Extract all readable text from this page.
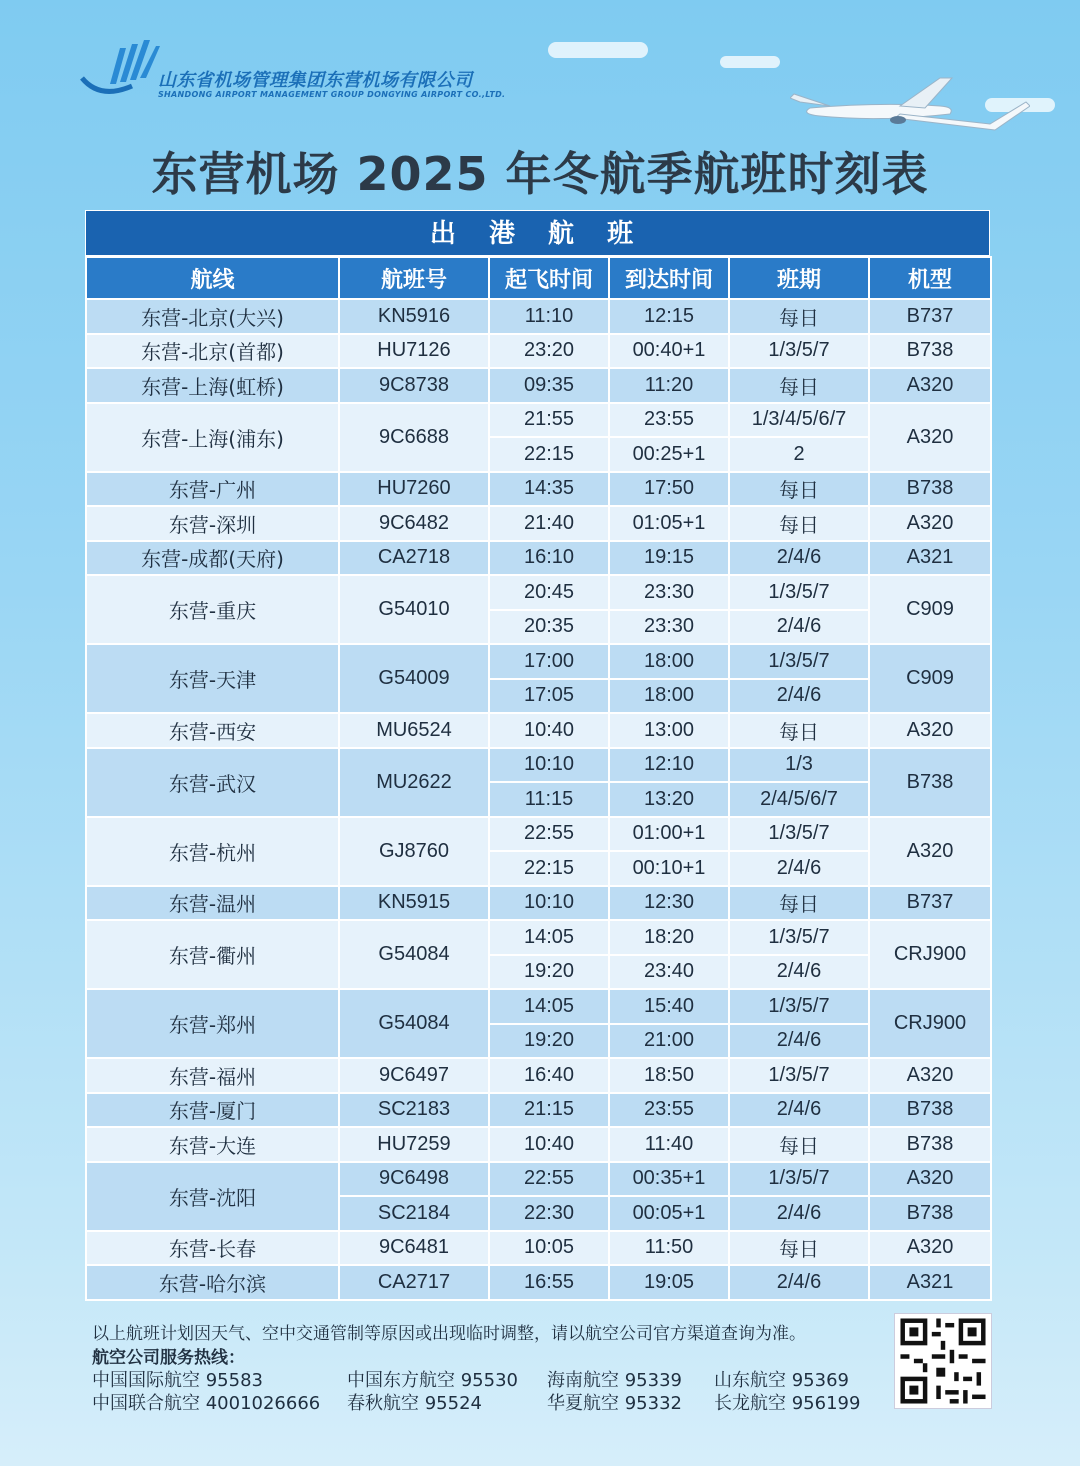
山东省机场管理集团东营机场有限公司
SHANDONG AIRPORT MANAGEMENT GROUP DONGYING AIRPORT CO.,LTD.
东营机场 2025 年冬航季航班时刻表
出 港 航 班
航线	航班号	起飞时间	到达时间	班期	机型
东营-北京(大兴)	KN5916	11:10	12:15	每日	B737
东营-北京(首都)	HU7126	23:20	00:40+1	1/3/5/7	B738
东营-上海(虹桥)	9C8738	09:35	11:20	每日	A320
东营-上海(浦东)	9C6688	21:55	23:55	1/3/4/5/6/7	A320
		22:15	00:25+1	2	
东营-广州	HU7260	14:35	17:50	每日	B738
东营-深圳	9C6482	21:40	01:05+1	每日	A320
东营-成都(天府)	CA2718	16:10	19:15	2/4/6	A321
东营-重庆	G54010	20:45	23:30	1/3/5/7	C909
		20:35	23:30	2/4/6	
东营-天津	G54009	17:00	18:00	1/3/5/7	C909
		17:05	18:00	2/4/6	
东营-西安	MU6524	10:40	13:00	每日	A320
东营-武汉	MU2622	10:10	12:10	1/3	B738
		11:15	13:20	2/4/5/6/7	
东营-杭州	GJ8760	22:55	01:00+1	1/3/5/7	A320
		22:15	00:10+1	2/4/6	
东营-温州	KN5915	10:10	12:30	每日	B737
东营-衢州	G54084	14:05	18:20	1/3/5/7	CRJ900
		19:20	23:40	2/4/6	
东营-郑州	G54084	14:05	15:40	1/3/5/7	CRJ900
		19:20	21:00	2/4/6	
东营-福州	9C6497	16:40	18:50	1/3/5/7	A320
东营-厦门	SC2183	21:15	23:55	2/4/6	B738
东营-大连	HU7259	10:40	11:40	每日	B738
东营-沈阳	9C6498	22:55	00:35+1	1/3/5/7	A320
	SC2184	22:30	00:05+1	2/4/6	B738
东营-长春	9C6481	10:05	11:50	每日	A320
东营-哈尔滨	CA2717	16:55	19:05	2/4/6	A321
以上航班计划因天气、空中交通管制等原因或出现临时调整，请以航空公司官方渠道查询为准。
航空公司服务热线：
中国国际航空 95583	中国东方航空 95530 海南航空 95339 山东航空 95369
中国联合航空 4001026666 春秋航空 95524	华夏航空 95332 长龙航空 956199
